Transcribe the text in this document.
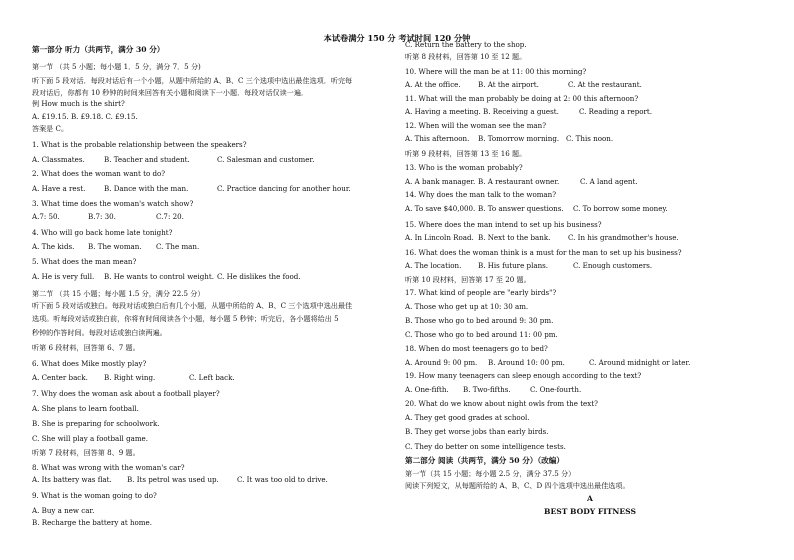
本试卷满分 150 分 考试时间 120 分钟
第一部分 听力（共两节，满分 30 分）
第一节 （共 5 小题；每小题 1．5 分，满分 7．5 分)
听下面 5 段对话．每段对话后有一个小题，从题中所给的 A、B、C 三个选项中选出最佳选项．听完每
段对话后，你都有 10 秒钟的时间来回答有关小题和阅读下一小题．每段对话仅读一遍．
例 How much is the shirt?
A. £19.15. B. £9.18. C. £9.15.
答案是 C。
1. What is the probable relationship between the speakers?
A. Classmates.	B. Teacher and student.	C. Salesman and customer.
2. What does the woman want to do?
A. Have a rest.	B. Dance with the man.	C. Practice dancing for another hour.
3. What time does the woman's watch show?
A.7: 50.	B.7: 30.	C.7: 20.
4. Who will go back home late tonight?
A. The kids. B. The woman. C. The man.
5. What does the man mean?
A. He is very full. B. He wants to control weight. C. He dislikes the food.
第二节 （共 15 小题；每小题 1.5 分，满分 22.5 分）
听下面 5 段对话或独白。每段对话或独白后有几个小题，从题中所给的 A、B、C 三个选项中选出最佳
选项。听每段对话或独白前，你将有时间阅读各个小题，每小题 5 秒钟；听完后，各小题将给出 5
秒钟的作答时间。每段对话或独白读两遍。
听第 6 段材料，回答第 6、7 题。
6. What does Mike mostly play?
A. Center back. B. Right wing.	C. Left back.
7. Why does the woman ask about a football player?
A. She plans to learn football.
B. She is preparing for schoolwork.
C. She will play a football game.
听第 7 段材料，回答第 8、9 题。
8. What was wrong with the woman's car?
A. Its battery was flat. B. Its petrol was used up.	C. It was too old to drive.
9. What is the woman going to do?
A. Buy a new car.
B. Recharge the battery at home.
C. Return the battery to the shop.
听第 8 段材料，回答第 10 至 12 题。
10. Where will the man be at 11: 00 this morning?
A. At the office. B. At the airport.	C. At the restaurant.
11. What will the man probably be doing at 2: 00 this afternoon?
A. Having a meeting. B. Receiving a guest.	C. Reading a report.
12. When will the woman see the man?
A. This afternoon. B. Tomorrow morning. C. This noon.
听第 9 段材料，回答第 13 至 16 题。
13. Who is the woman probably?
A. A bank manager. B. A restaurant owner.	C. A land agent.
14. Why does the man talk to the woman?
A. To save $40,000. B. To answer questions. C. To borrow some money.
15. Where does the man intend to set up his business?
A. In Lincoln Road. B. Next to the bank. C. In his grandmother's house.
16. What does the woman think is a must for the man to set up his business?
A. The location. B. His future plans.	C. Enough customers.
听第 10 段材料，回答第 17 至 20 题。
17. What kind of people are "early birds"?
A. Those who get up at 10: 30 am.
B. Those who go to bed around 9: 30 pm.
C. Those who go to bed around 11: 00 pm.
18. When do most teenagers go to bed?
A. Around 9: 00 pm. B. Around 10: 00 pm.	C. Around midnight or later.
19. How many teenagers can sleep enough according to the text?
A. One-fifth. B. Two-fifths.	C. One-fourth.
20. What do we know about night owls from the text?
A. They get good grades at school.
B. They get worse jobs than early birds.
C. They do better on some intelligence tests.
第二部分 阅读（共两节，满分 50 分）（改编）
第一节（共 15 小题；每小题 2.5 分，满分 37.5 分）
阅读下列短文，从每题所给的 A、B、C、D 四个选项中选出最佳选项。
A
BEST BODY FITNESS
